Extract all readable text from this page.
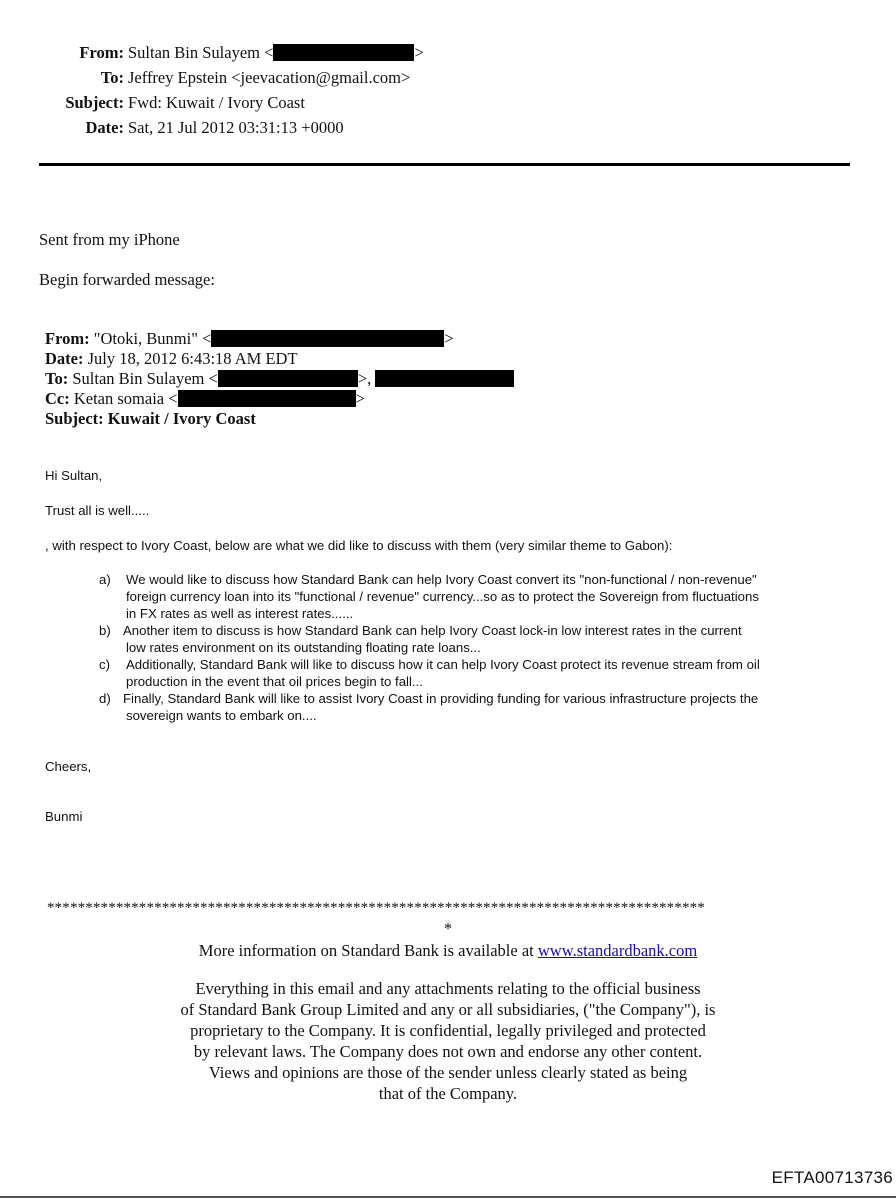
From: Sultan Bin Sulayem <	>
To: Jeffrey Epstein <jeevacation@gmail.com>
Subject: Fwd: Kuwait / Ivory Coast
Date: Sat, 21 Jul 2012 03:31:13 +0000
Sent from my iPhone
Begin forwarded message:
From: "Otoki, Bunmi" <	>
Date: July 18, 2012 6:43:18 AM EDT
To: Sultan Bin Sulayem <	>,
Cc: Ketan somaia <	>
Subject: Kuwait / Ivory Coast
Hi Sultan,
Trust all is well.....
, with respect to Ivory Coast, below are what we did like to discuss with them (very similar theme to Gabon):
a) We would like to discuss how Standard Bank can help Ivory Coast convert its "non-functional / non-revenue"
foreign currency loan into its "functional / revenue" currency...so as to protect the Sovereign from fluctuations
in FX rates as well as interest rates......
b) Another item to discuss is how Standard Bank can help Ivory Coast lock-in low interest rates in the current
low rates environment on its outstanding floating rate loans...
c) Additionally, Standard Bank will like to discuss how it can help Ivory Coast protect its revenue stream from oil
production in the event that oil prices begin to fall...
d) Finally, Standard Bank will like to assist Ivory Coast in providing funding for various infrastructure projects the
sovereign wants to embark on....
Cheers,
Bunmi
**************************************************************************************
*
More information on Standard Bank is available at www.standardbank.com
Everything in this email and any attachments relating to the official business
of Standard Bank Group Limited and any or all subsidiaries, ("the Company"), is
proprietary to the Company. It is confidential, legally privileged and protected
by relevant laws. The Company does not own and endorse any other content.
Views and opinions are those of the sender unless clearly stated as being
that of the Company.
EFTA00713736
